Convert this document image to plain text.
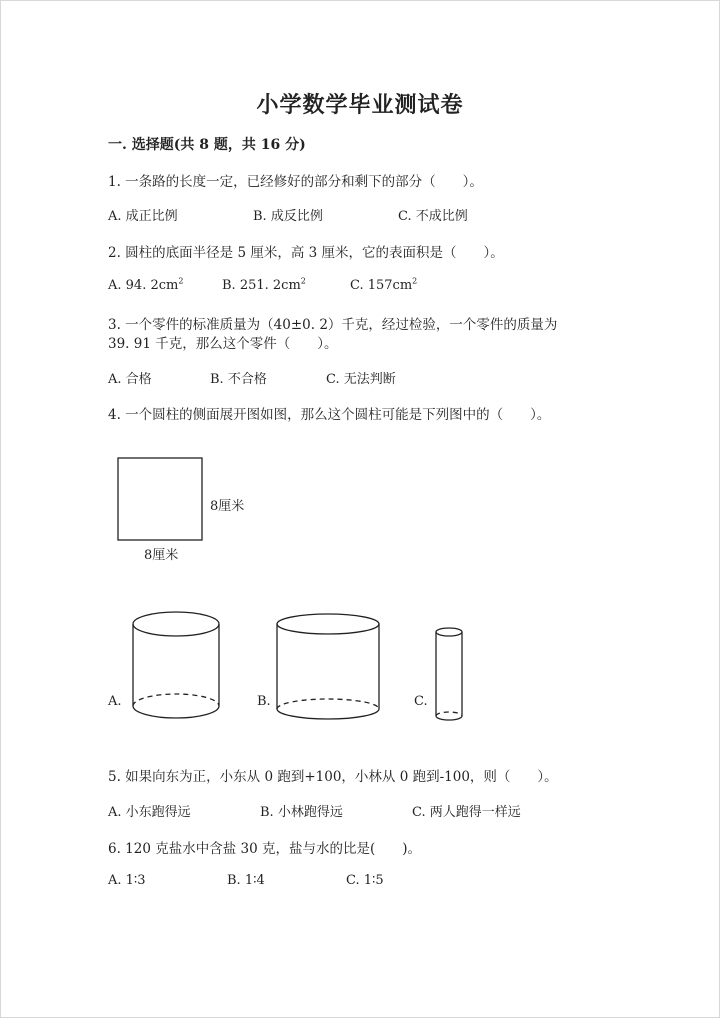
小学数学毕业测试卷
一. 选择题(共 8 题，共 16 分)
1. 一条路的长度一定，已经修好的部分和剩下的部分（　　）。
A. 成正比例	B. 成反比例	C. 不成比例
2. 圆柱的底面半径是 5 厘米，高 3 厘米，它的表面积是（　　）。
A. 94. $2cm^2$	B. 251. $2cm^2$	C. $157cm^2$
3. 一个零件的标准质量为（40±0. 2）千克，经过检验，一个零件的质量为
39. 91 千克，那么这个零件（　　）。
A. 合格	B. 不合格	C. 无法判断
4. 一个圆柱的侧面展开图如图，那么这个圆柱可能是下列图中的（　　）。
8厘米
8厘米
A.	B.	C.
5. 如果向东为正，小东从 0 跑到+100，小林从 0 跑到-100，则（　　）。
A. 小东跑得远	B. 小林跑得远	C. 两人跑得一样远
6. 120 克盐水中含盐 30 克，盐与水的比是(　　)。
A. 1∶3	B. 1∶4	C. 1∶5
